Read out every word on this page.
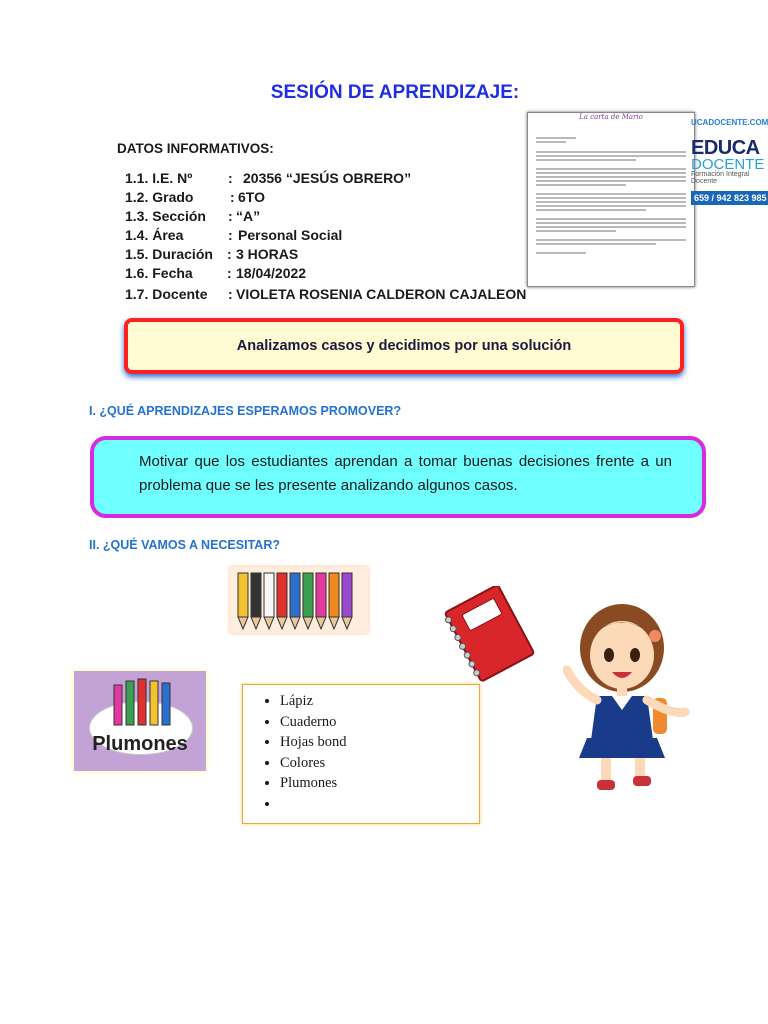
SESIÓN DE APRENDIZAJE:
DATOS INFORMATIVOS:
1.1. I.E. Nº	: 20356 “JESÚS OBRERO”
1.2. Grado	: 6TO
1.3. Sección : “A”
1.4. Área	: Personal Social
1.5. Duración : 3 HORAS
1.6. Fecha : 18/04/2022
1.7. Docente : VIOLETA ROSENIA CALDERON CAJALEON
La carta de Mario
UCADOCENTE.COM
EDUCA
DOCENTE
Formación Integral Docente
659 / 942 823 985
Analizamos casos y decidimos por una solución
I. ¿QUÉ APRENDIZAJES ESPERAMOS PROMOVER?

Motivar que los estudiantes aprendan a tomar buenas decisiones frente a un problema que se les presente analizando algunos casos.

II. ¿QUÉ VAMOS A NECESITAR?
Plumones
• Lápiz
• Cuaderno
• Hojas bond
• Colores
• Plumones
•
